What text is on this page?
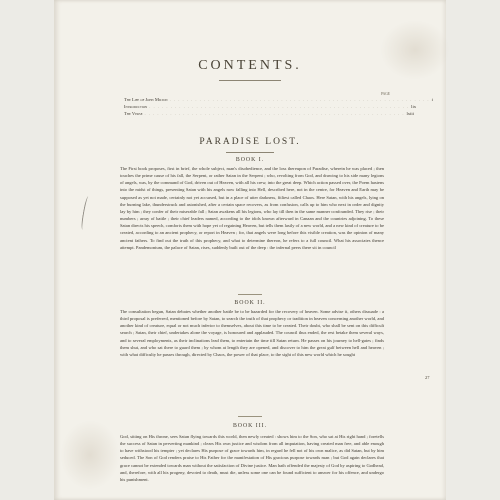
CONTENTS.
PAGE
The Life of John Milton . . . . . . . . . . . . . . . . . . . . . . . . . . . . . . . . . . . . . . . . . . . . . . . . . . . . . . . . . . . . . i
Introduction . . . . . . . . . . . . . . . . . . . . . . . . . . . . . . . . . . . . . . . . . . . . . . . . . . . . . . . . . . . . . lix
The Verse . . . . . . . . . . . . . . . . . . . . . . . . . . . . . . . . . . . . . . . . . . . . . . . . . . . . . . . . . . . . . lxiii
PARADISE LOST.
BOOK I.
The First book proposes, first in brief, the whole subject, man's disobedience, and the loss thereupon of Paradise, wherein he was placed ; then touches the prime cause of his fall, the Serpent, or rather Satan in the Serpent ; who, revolting from God, and drawing to his side many legions of angels, was, by the command of God, driven out of Heaven, with all his crew, into the great deep. Which action passed over, the Poem hastens into the midst of things, presenting Satan with his angels now falling into Hell, described here, not in the centre, for Heaven and Earth may be supposed as yet not made, certainly not yet accursed, but in a place of utter darkness, fitliest called Chaos. Here Satan, with his angels, lying on the burning lake, thunderstruck and astonished, after a certain space recovers, as from confusion, calls up to him who next in order and dignity lay by him ; they confer of their miserable fall ; Satan awakens all his legions, who lay till then in the same manner confounded. They rise ; their numbers ; array of battle ; their chief leaders named, according to the idols known afterward in Canaan and the countries adjoining. To these Satan directs his speech, comforts them with hope yet of regaining Heaven, but tells them lastly of a new world, and a new kind of creature to be created, according to an ancient prophecy, or report in Heaven ; for, that angels were long before this visible creation, was the opinion of many ancient fathers. To find out the truth of this prophecy, and what to determine thereon, he refers to a full council. What his associates thence attempt. Pandemonium, the palace of Satan, rises, suddenly built out of the deep : the infernal peers there sit in council
BOOK II.
The consultation begun, Satan debates whether another battle be to be hazarded for the recovery of heaven. Some advise it, others dissuade : a third proposal is preferred, mentioned before by Satan, to search the truth of that prophecy or tradition in heaven concerning another world, and another kind of creature, equal or not much inferior to themselves, about this time to be created. Their doubt, who shall be sent on this difficult search ; Satan, their chief, undertakes alone the voyage, is honoured and applauded. The council thus ended, the rest betake them several ways, and to several employments, as their inclinations lead them, to entertain the time till Satan return. He passes on his journey to hell-gates ; finds them shut, and who sat there to guard them ; by whom at length they are opened, and discover to him the great gulf between hell and heaven ; with what difficulty he passes through, directed by Chaos, the power of that place, to the sight of this new world which he sought
27
BOOK III.
God, sitting on His throne, sees Satan flying towards this world, then newly created : shows him to the Son, who sat at His right hand ; foretells the success of Satan in perverting mankind ; clears His own justice and wisdom from all imputation, having created man free, and able enough to have withstood his tempter ; yet declares His purpose of grace towards him, in regard he fell not of his own malice, as did Satan, but by him seduced. The Son of God renders praise to His Father for the manifestation of His gracious purpose towards man ; but God again declares that grace cannot be extended towards man without the satisfaction of Divine justice. Man hath offended the majesty of God by aspiring to Godhead, and, therefore, with all his progeny, devoted to death, must die, unless some one can be found sufficient to answer for his offence, and undergo his punishment.
